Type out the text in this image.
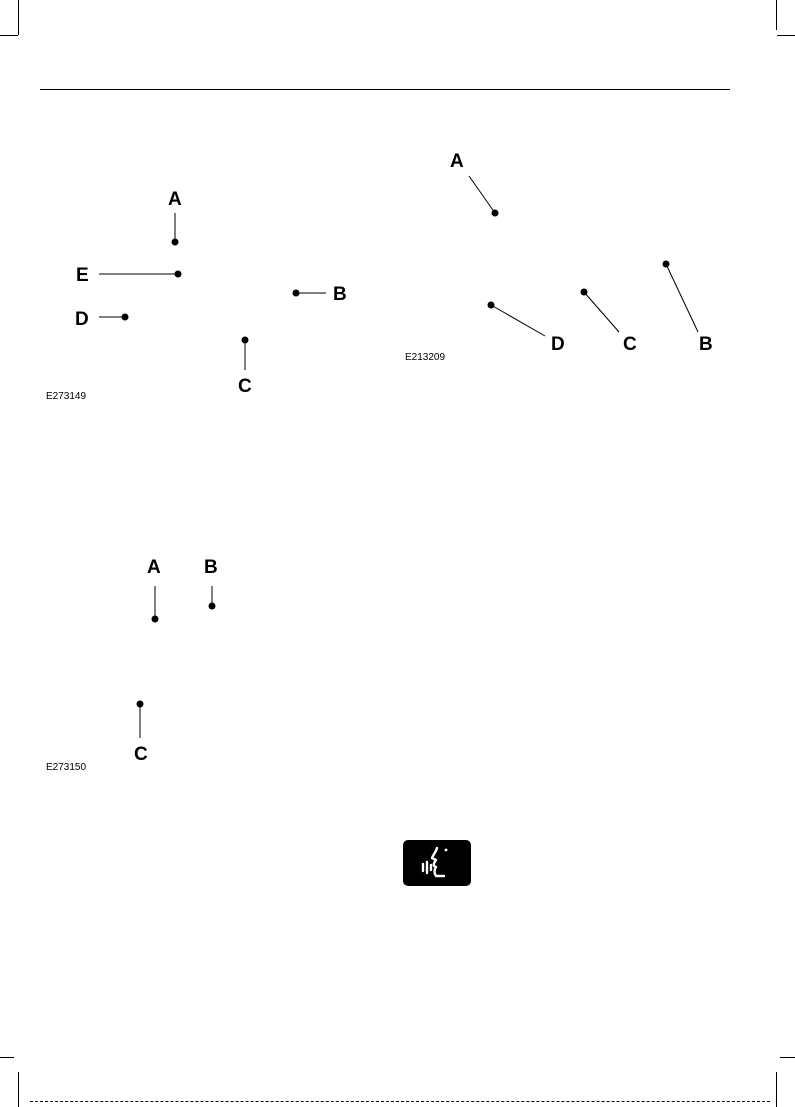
A
E
D
B
C
E273149
A
D	C	B
E213209
A B
C
E273150
